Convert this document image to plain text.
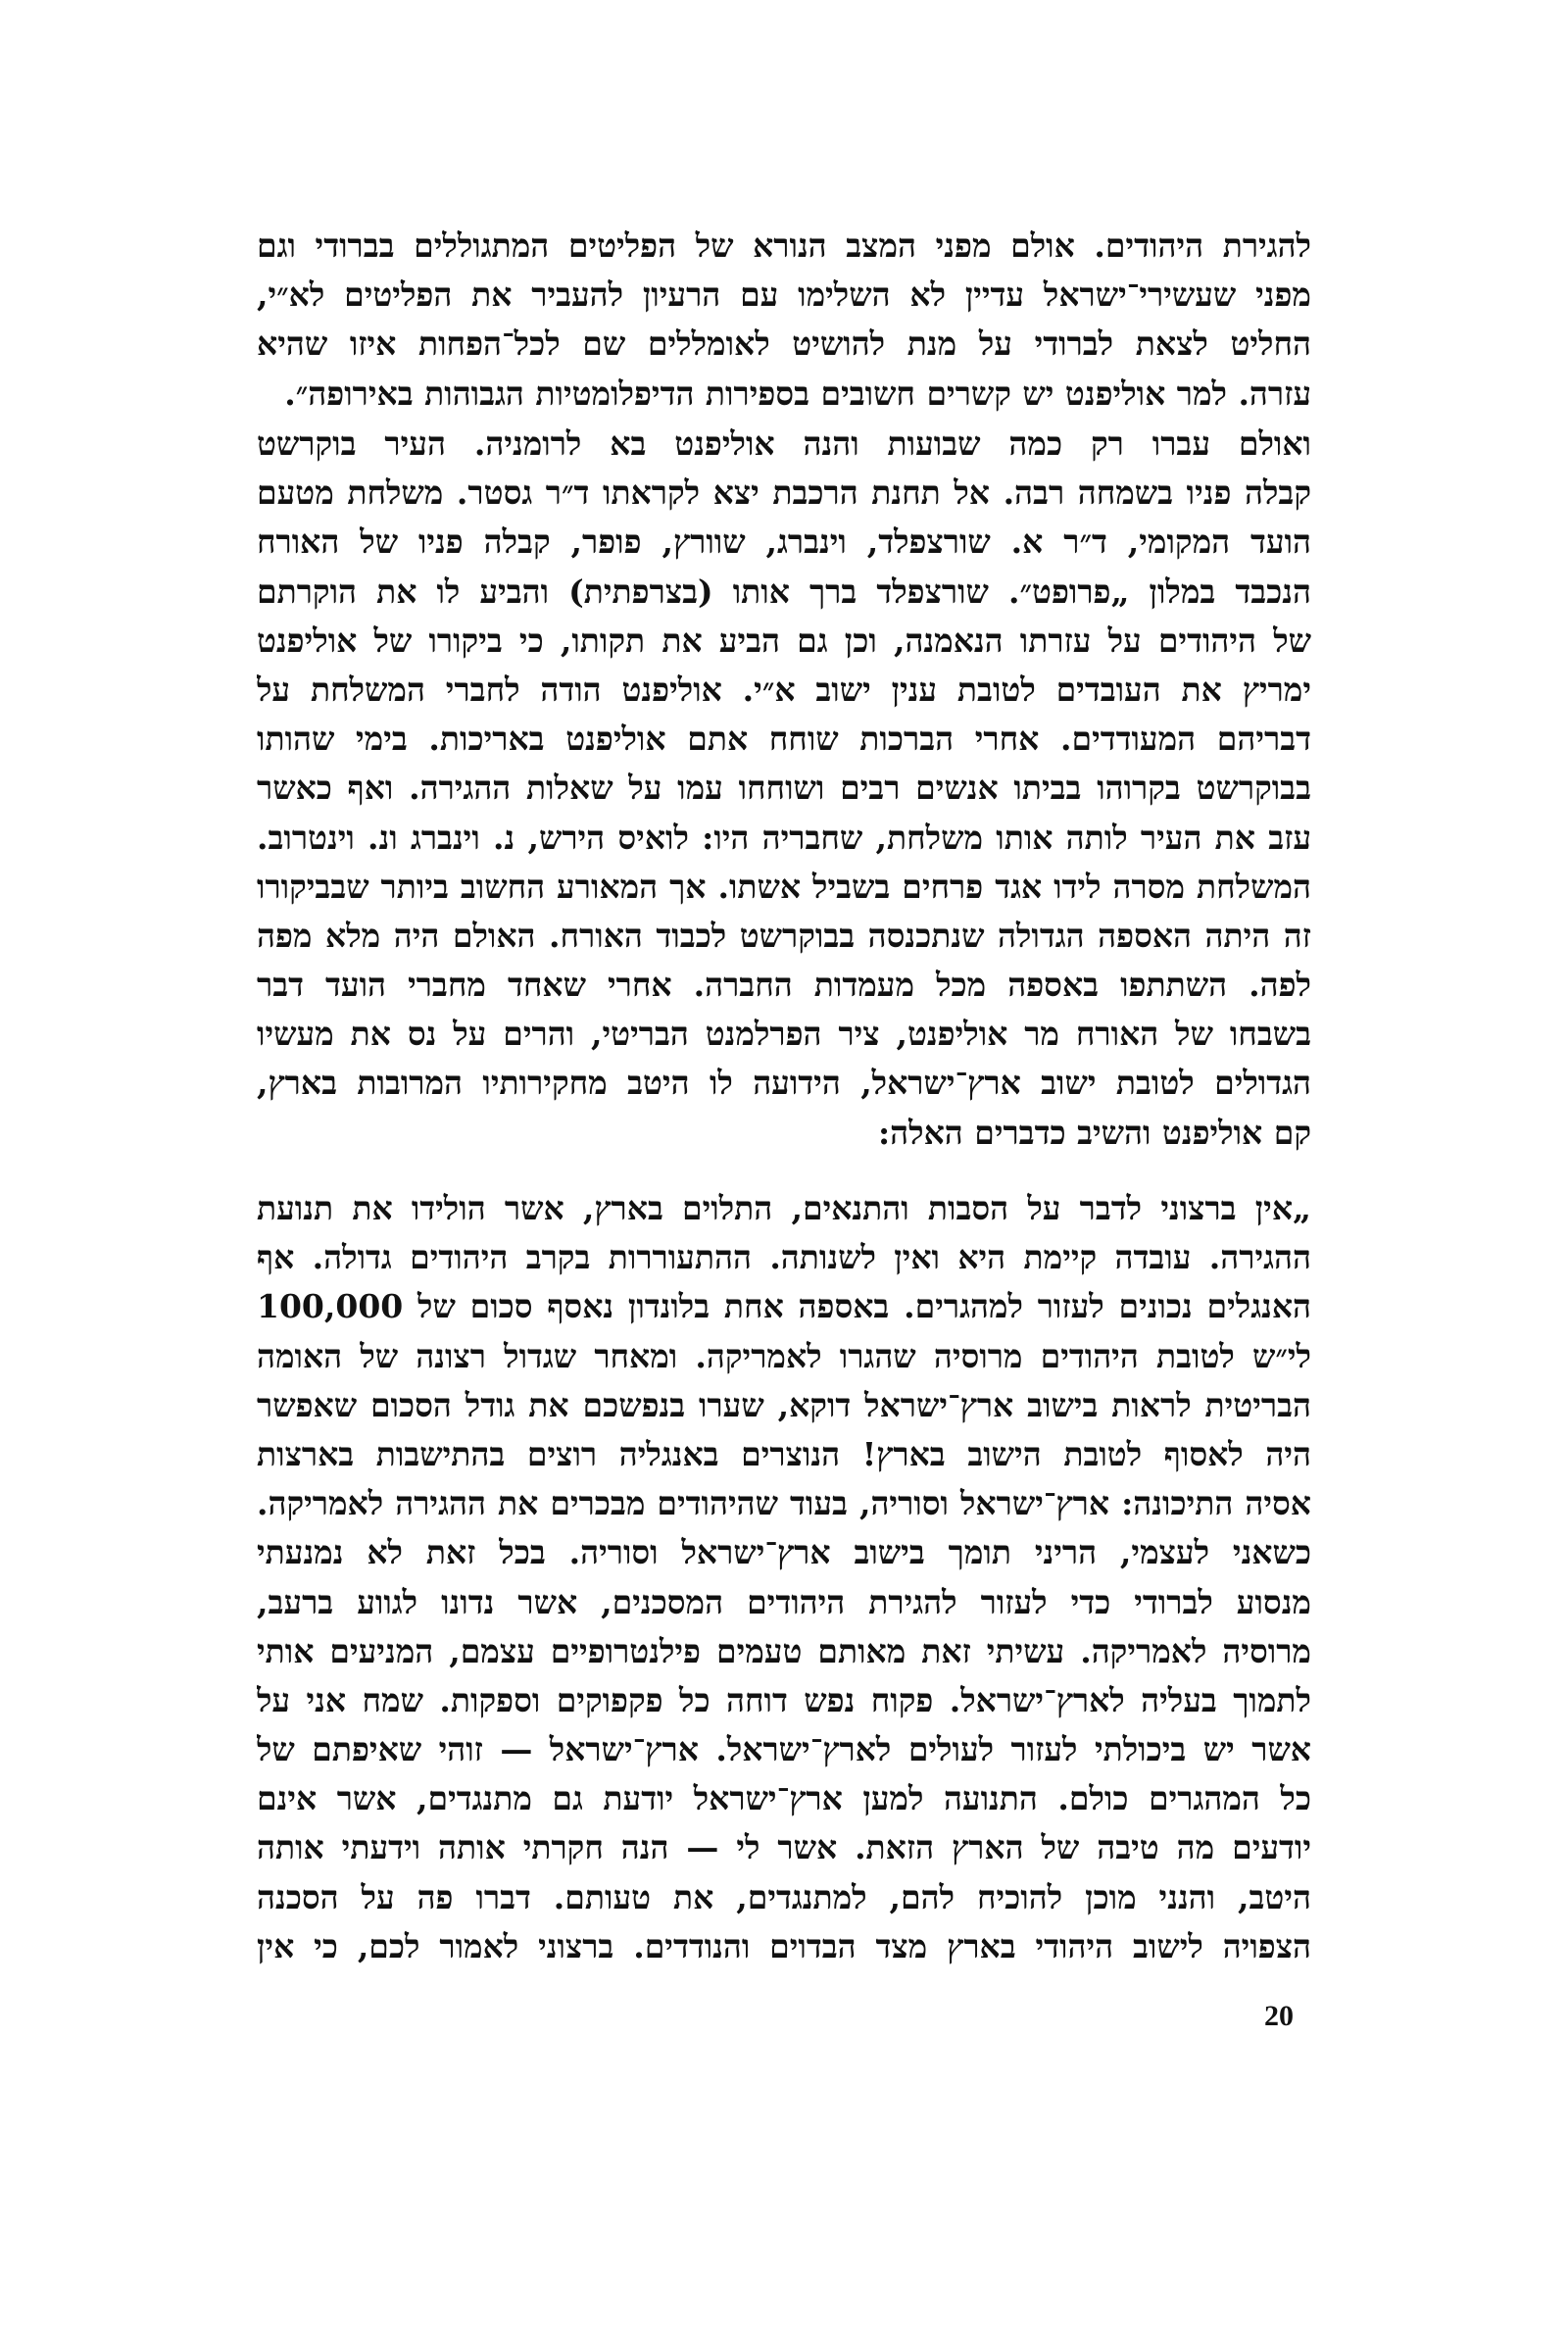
להגירת היהודים. אולם מפני המצב הנורא של הפליטים המתגוללים בברודי וגם
מפני שעשירי־ישראל עדיין לא השלימו עם הרעיון להעביר את הפליטים לא״י,
החליט לצאת לברודי על מנת להושיט לאומללים שם לכל־הפחות איזו שהיא
עזרה. למר אוליפנט יש קשרים חשובים בספירות הדיפלומטיות הגבוהות באירופה״.
ואולם עברו רק כמה שבועות והנה אוליפנט בא לרומניה. העיר בוקרשט
קבלה פניו בשמחה רבה. אל תחנת הרכבת יצא לקראתו ד״ר גסטר. משלחת מטעם
הועד המקומי, ד״ר א. שורצפלד, וינברג, שוורץ, פופר, קבלה פניו של האורח
הנכבד במלון „פרופט״. שורצפלד ברך אותו (בצרפתית) והביע לו את הוקרתם
של היהודים על עזרתו הנאמנה, וכן גם הביע את תקותו, כי ביקורו של אוליפנט
ימריץ את העובדים לטובת ענין ישוב א״י. אוליפנט הודה לחברי המשלחת על
דבריהם המעודדים. אחרי הברכות שוחח אתם אוליפנט באריכות. בימי שהותו
בבוקרשט בקרוהו בביתו אנשים רבים ושוחחו עמו על שאלות ההגירה. ואף כאשר
עזב את העיר לותה אותו משלחת, שחבריה היו: לואיס הירש, נ. וינברג ונ. וינטרוב.
המשלחת מסרה לידו אגד פרחים בשביל אשתו. אך המאורע החשוב ביותר שבביקורו
זה היתה האספה הגדולה שנתכנסה בבוקרשט לכבוד האורח. האולם היה מלא מפה
לפה. השתתפו באספה מכל מעמדות החברה. אחרי שאחד מחברי הועד דבר
בשבחו של האורח מר אוליפנט, ציר הפרלמנט הבריטי, והרים על נס את מעשיו
הגדולים לטובת ישוב ארץ־ישראל, הידועה לו היטב מחקירותיו המרובות בארץ,
קם אוליפנט והשיב כדברים האלה:
„אין ברצוני לדבר על הסבות והתנאים, התלוים בארץ, אשר הולידו את תנועת
ההגירה. עובדה קיימת היא ואין לשנותה. ההתעוררות בקרב היהודים גדולה. אף
האנגלים נכונים לעזור למהגרים. באספה אחת בלונדון נאסף סכום של 100,000
לי״ש לטובת היהודים מרוסיה שהגרו לאמריקה. ומאחר שגדול רצונה של האומה
הבריטית לראות בישוב ארץ־ישראל דוקא, שערו בנפשכם את גודל הסכום שאפשר
היה לאסוף לטובת הישוב בארץ! הנוצרים באנגליה רוצים בהתישבות בארצות
אסיה התיכונה: ארץ־ישראל וסוריה, בעוד שהיהודים מבכרים את ההגירה לאמריקה.
כשאני לעצמי, הריני תומך בישוב ארץ־ישראל וסוריה. בכל זאת לא נמנעתי
מנסוע לברודי כדי לעזור להגירת היהודים המסכנים, אשר נדונו לגווע ברעב,
מרוסיה לאמריקה. עשיתי זאת מאותם טעמים פילנטרופיים עצמם, המניעים אותי
לתמוך בעליה לארץ־ישראל. פקוח נפש דוחה כל פקפוקים וספקות. שמח אני על
אשר יש ביכולתי לעזור לעולים לארץ־ישראל. ארץ־ישראל — זוהי שאיפתם של
כל המהגרים כולם. התנועה למען ארץ־ישראל יודעת גם מתנגדים, אשר אינם
יודעים מה טיבה של הארץ הזאת. אשר לי — הנה חקרתי אותה וידעתי אותה
היטב, והנני מוכן להוכיח להם, למתנגדים, את טעותם. דברו פה על הסכנה
הצפויה לישוב היהודי בארץ מצד הבדוים והנודדים. ברצוני לאמור לכם, כי אין
20
